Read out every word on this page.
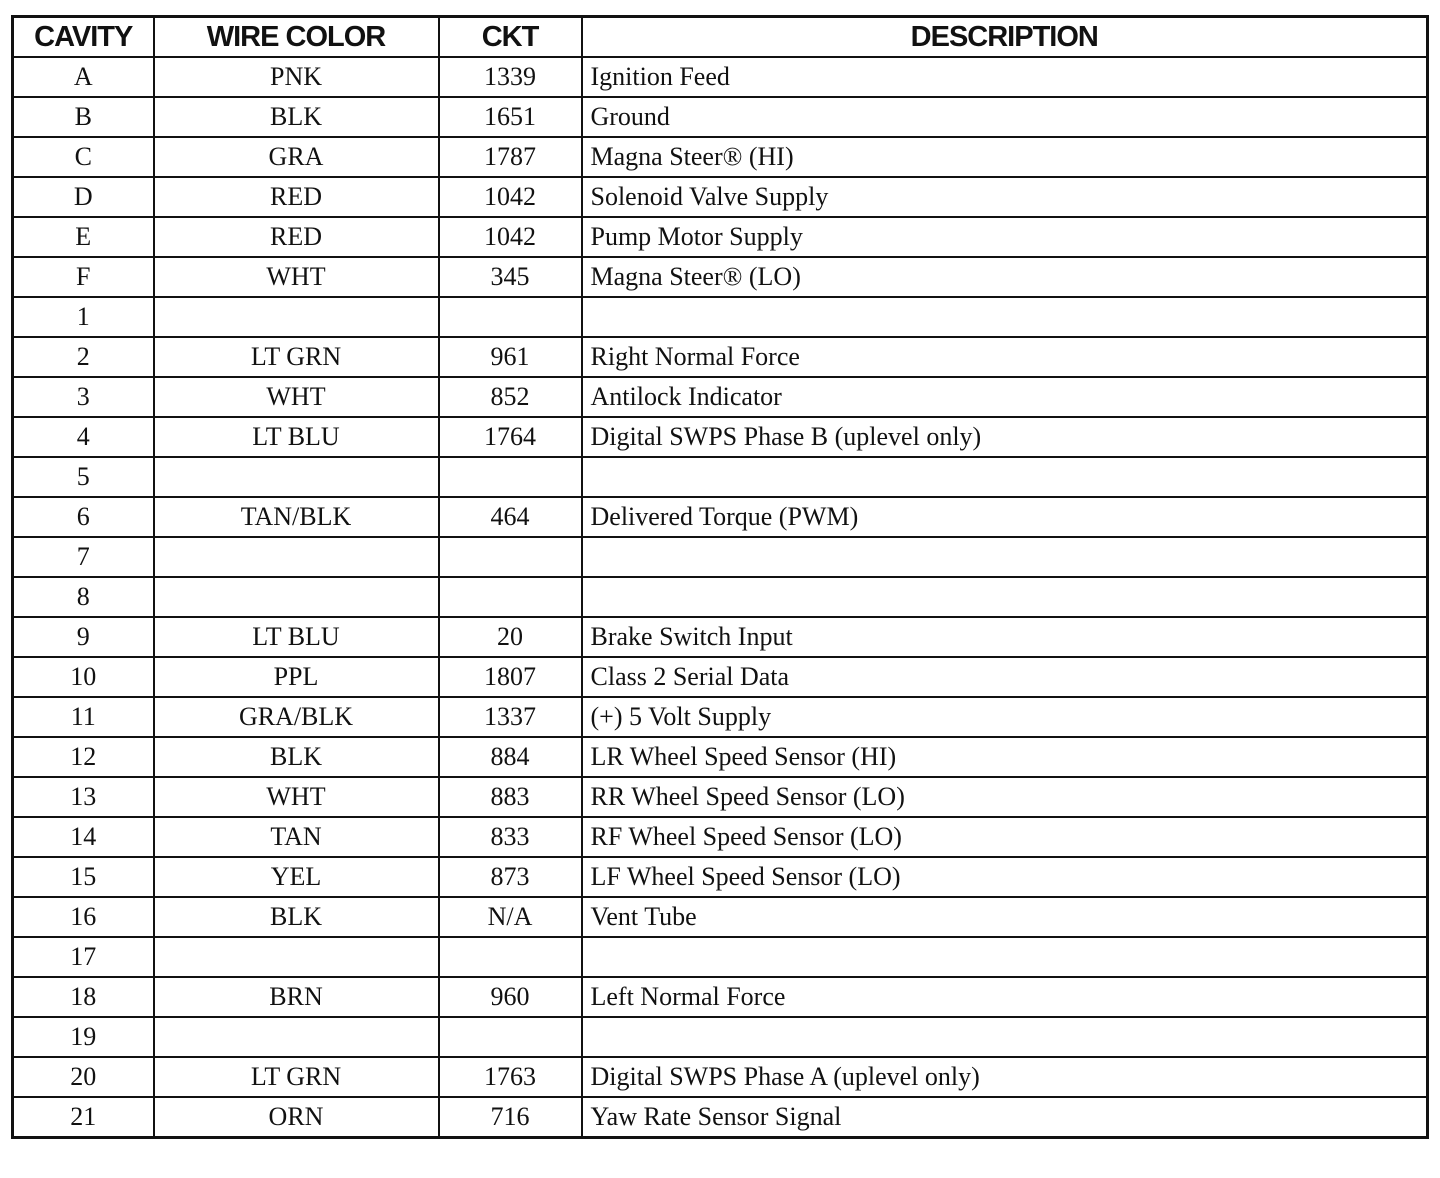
CAVITY	WIRE COLOR	CKT	DESCRIPTION
A	PNK	1339	Ignition Feed
B	BLK	1651	Ground
C	GRA	1787	Magna Steer® (HI)
D	RED	1042	Solenoid Valve Supply
E	RED	1042	Pump Motor Supply
F	WHT	345	Magna Steer® (LO)
1			
2	LT GRN	961	Right Normal Force
3	WHT	852	Antilock Indicator
4	LT BLU	1764	Digital SWPS Phase B (uplevel only)
5			
6	TAN/BLK	464	Delivered Torque (PWM)
7			
8			
9	LT BLU	20	Brake Switch Input
10	PPL	1807	Class 2 Serial Data
11	GRA/BLK	1337	(+) 5 Volt Supply
12	BLK	884	LR Wheel Speed Sensor (HI)
13	WHT	883	RR Wheel Speed Sensor (LO)
14	TAN	833	RF Wheel Speed Sensor (LO)
15	YEL	873	LF Wheel Speed Sensor (LO)
16	BLK	N/A	Vent Tube
17			
18	BRN	960	Left Normal Force
19			
20	LT GRN	1763	Digital SWPS Phase A (uplevel only)
21	ORN	716	Yaw Rate Sensor Signal
